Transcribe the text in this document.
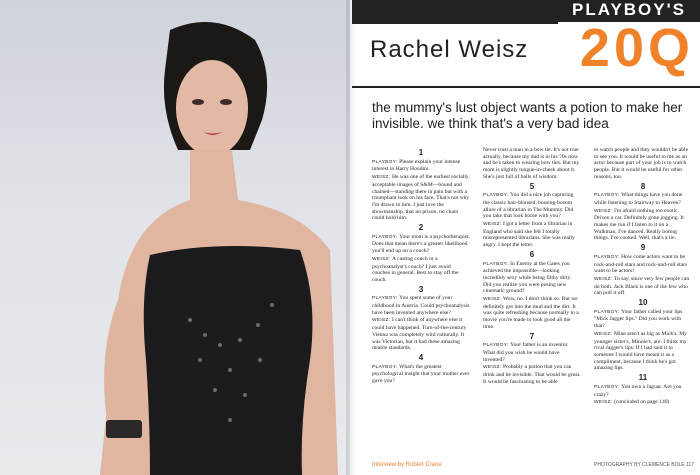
PLAYBOY'S
20Q
Rachel Weisz
the mummy's lust object wants a potion to make her invisible. we think that's a very bad idea
1

PLAYBOY: Please explain your intense interest in Harry Houdini.

WEISZ: He was one of the earliest socially acceptable images of S&M—bound and chained—standing there in pain but with a triumphant look on his face. That's not why I'm drawn to him. I just love the showmanship, that no prison, no chain could hold him.

2

PLAYBOY: Your mom is a psychotherapist. Does that mean there's a greater likelihood you'll end up on a couch?

WEISZ: A casting couch or a psychoanalyst's couch? I just avoid couches in general. Best to stay off the couch.

3

PLAYBOY: You spent some of your childhood in Austria. Could psychoanalysis have been invented anywhere else?

WEISZ: I can't think of anywhere else it could have happened. Turn-of-the-century Vienna was completely wild culturally. It was Victorian, but it had these amazing double standards.

4

PLAYBOY: What's the greatest psychological insight that your mother ever gave you?

Never trust a man in a bow tie. It's not true actually, because my dad is in his 70s now and he's taken to wearing bow ties. But my mom is slightly tongue-in-cheek about it. She's just full of balls of wisdom.

5

PLAYBOY: You did a nice job capturing the classic hair-blonsed, bossing-bosom allure of a librarian in The Mummy. Did you take that look home with you?

WEISZ: I got a letter from a librarian in England who said she felt I totally misrepresented librarians. She was really angry. I kept the letter.

6

PLAYBOY: In Enemy at the Gates you achieved the impossible—looking incredibly sexy while being filthy dirty. Did you realize you were posing new cinematic ground?

WEISZ: Wow, no. I don't think so. But we definitely got into the mud and the dirt. It was quite refreshing because normally in a movie you're made to look good all the time.

7

PLAYBOY: Your father is an inventor. What did you wish he would have invented?

WEISZ: Probably a potion that you can drink and be invisible. That would be great. It would be fascinating to be able

to watch people and they wouldn't be able to see you. It would be useful to me as an actor because part of your job is to watch people. But it would be useful for other reasons, too.

8

PLAYBOY: What things have you done while listening to Stairway to Heaven?

WEISZ: I'm afraid nothing too exotic. Driven a car. Definitely gone jogging. It makes me run if I listen to it on a Walkman. I've danced. Really boring things. I've cooked. Well, that's a lie.

9

PLAYBOY: How come actors want to be rock-and-roll stars and rock-and-roll stars want to be actors?

WEISZ: To say, since very few people can do both. Jack Black is one of the few who can pull it off.

10

PLAYBOY: Your father called your lips "Mick Jagger lips." Did you work with that?

WEISZ: Mine aren't as big as Mick's. My younger sister's, Minnie's, are. I think my rival Jagger's lips. If I had said it to someone I would have meant it as a compliment, because I think he's got amazing lips.

11

PLAYBOY: You own a Jaguar. Are you crazy?

WEISZ: (concluded on page 140)

Interview by Robert Crane	PHOTOGRAPHY BY CLEMENCE BOLE 117
